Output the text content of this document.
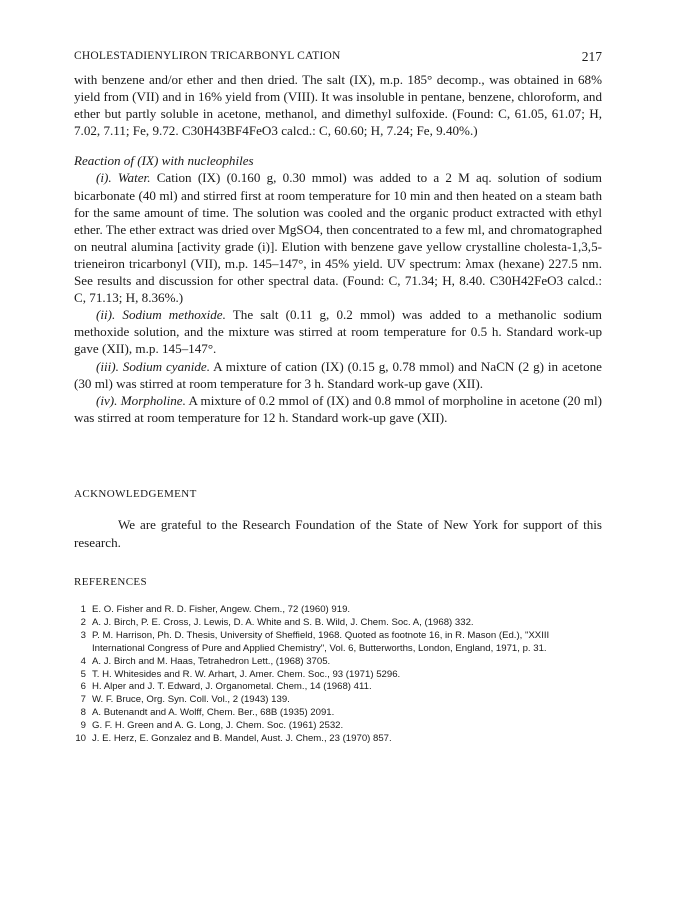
CHOLESTADIENYLIRON TRICARBONYL CATION	217

with benzene and/or ether and then dried. The salt (IX), m.p. 185° decomp., was obtained in 68% yield from (VII) and in 16% yield from (VIII). It was insoluble in pentane, benzene, chloroform, and ether but partly soluble in acetone, methanol, and dimethyl sulfoxide. (Found: C, 61.05, 61.07; H, 7.02, 7.11; Fe, 9.72. C30H43BF4FeO3 calcd.: C, 60.60; H, 7.24; Fe, 9.40%.)

Reaction of (IX) with nucleophiles

(i). Water. Cation (IX) (0.160 g, 0.30 mmol) was added to a 2 M aq. solution of sodium bicarbonate (40 ml) and stirred first at room temperature for 10 min and then heated on a steam bath for the same amount of time. The solution was cooled and the organic product extracted with ethyl ether. The ether extract was dried over MgSO4, then concentrated to a few ml, and chromatographed on neutral alumina [activity grade (i)]. Elution with benzene gave yellow crystalline cholesta-1,3,5-trieneiron tricarbonyl (VII), m.p. 145–147°, in 45% yield. UV spectrum: λmax (hexane) 227.5 nm. See results and discussion for other spectral data. (Found: C, 71.34; H, 8.40. C30H42FeO3 calcd.: C, 71.13; H, 8.36%.)

(ii). Sodium methoxide. The salt (0.11 g, 0.2 mmol) was added to a methanolic sodium methoxide solution, and the mixture was stirred at room temperature for 0.5 h. Standard work-up gave (XII), m.p. 145–147°.

(iii). Sodium cyanide. A mixture of cation (IX) (0.15 g, 0.78 mmol) and NaCN (2 g) in acetone (30 ml) was stirred at room temperature for 3 h. Standard work-up gave (XII).

(iv). Morpholine. A mixture of 0.2 mmol of (IX) and 0.8 mmol of morpholine in acetone (20 ml) was stirred at room temperature for 12 h. Standard work-up gave (XII).

ACKNOWLEDGEMENT
We are grateful to the Research Foundation of the State of New York for support of this research.
REFERENCES
1 E. O. Fisher and R. D. Fisher, Angew. Chem., 72 (1960) 919.
2 A. J. Birch, P. E. Cross, J. Lewis, D. A. White and S. B. Wild, J. Chem. Soc. A, (1968) 332.
3 P. M. Harrison, Ph. D. Thesis, University of Sheffield, 1968. Quoted as footnote 16, in R. Mason (Ed.), "XXIII International Congress of Pure and Applied Chemistry", Vol. 6, Butterworths, London, England, 1971, p. 31.
4 A. J. Birch and M. Haas, Tetrahedron Lett., (1968) 3705.
5 T. H. Whitesides and R. W. Arhart, J. Amer. Chem. Soc., 93 (1971) 5296.
6 H. Alper and J. T. Edward, J. Organometal. Chem., 14 (1968) 411.
7 W. F. Bruce, Org. Syn. Coll. Vol., 2 (1943) 139.
8 A. Butenandt and A. Wolff, Chem. Ber., 68B (1935) 2091.
9 G. F. H. Green and A. G. Long, J. Chem. Soc. (1961) 2532.
10 J. E. Herz, E. Gonzalez and B. Mandel, Aust. J. Chem., 23 (1970) 857.
